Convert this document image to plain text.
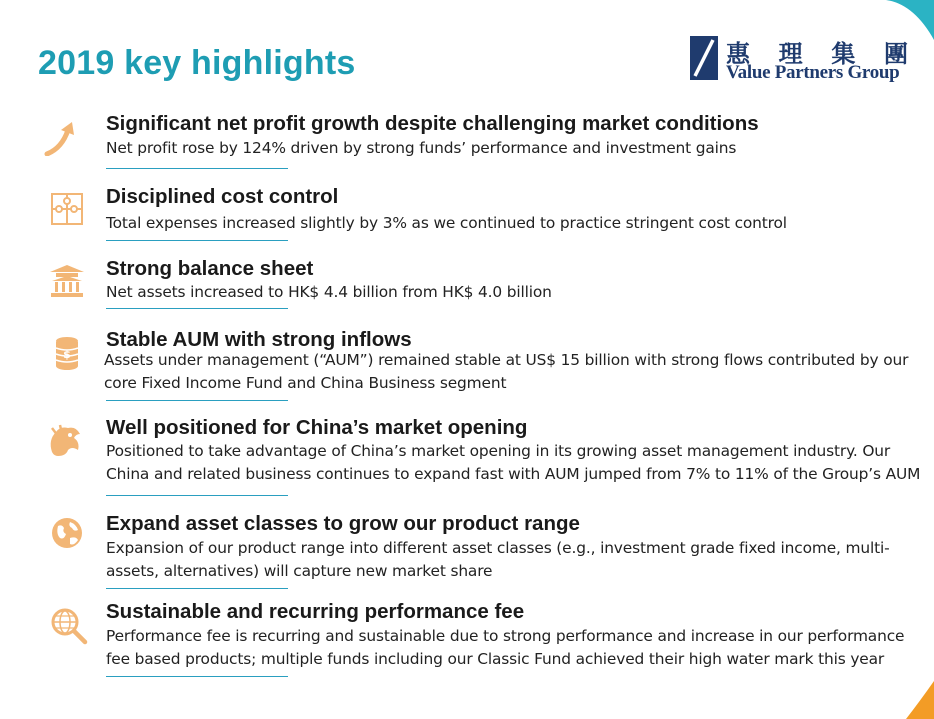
2019 key highlights	惠 理 集 團
Value Partners Group
Significant net profit growth despite challenging market conditions
Net profit rose by 124% driven by strong funds’ performance and investment gains
Disciplined cost control
Total expenses increased slightly by 3% as we continued to practice stringent cost control
Strong balance sheet
Net assets increased to HK$ 4.4 billion from HK$ 4.0 billion
$
Stable AUM with strong inflows
Assets under management (“AUM”) remained stable at US$ 15 billion with strong flows contributed by our core Fixed Income Fund and China Business segment
Well positioned for China’s market opening
Positioned to take advantage of China’s market opening in its growing asset management industry. Our China and related business continues to expand fast with AUM jumped from 7% to 11% of the Group’s AUM
Expand asset classes to grow our product range
Expansion of our product range into different asset classes (e.g., investment grade fixed income, multi-assets, alternatives) will capture new market share
Sustainable and recurring performance fee
Performance fee is recurring and sustainable due to strong performance and increase in our performance fee based products; multiple funds including our Classic Fund achieved their high water mark this year
